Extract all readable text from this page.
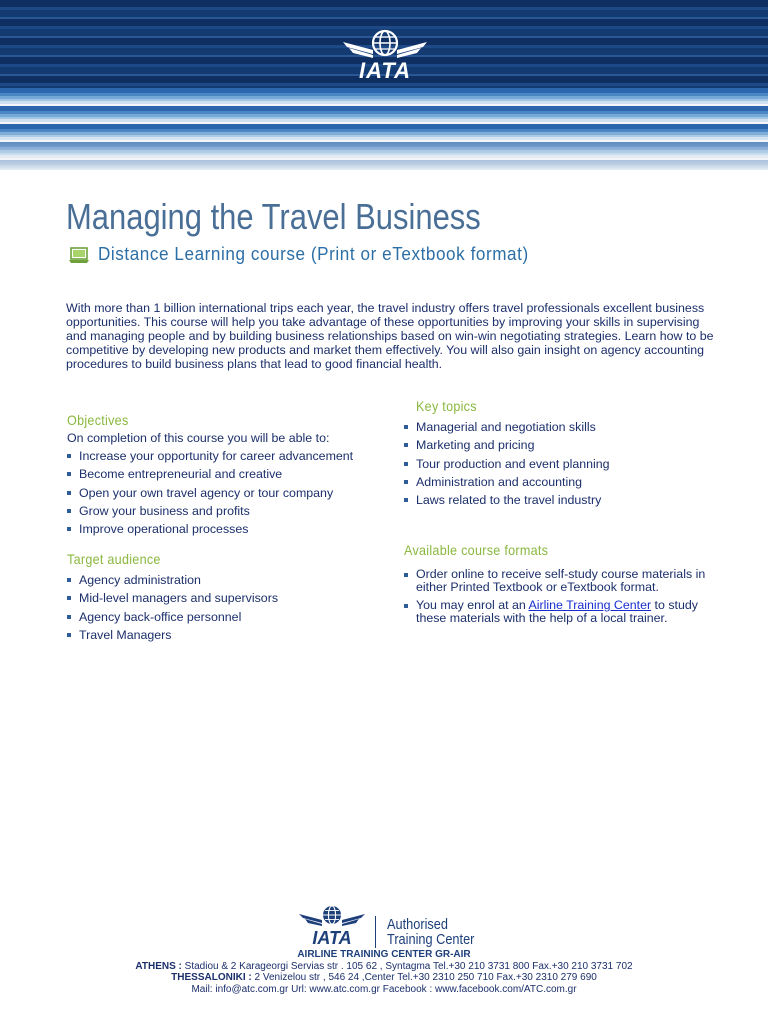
IATA
Managing the Travel Business
Distance Learning course (Print or eTextbook format)

With more than 1 billion international trips each year, the travel industry offers travel professionals excellent business opportunities. This course will help you take advantage of these opportunities by improving your skills in supervising and managing people and by building business relationships based on win-win negotiating strategies. Learn how to be competitive by developing new products and market them effectively. You will also gain insight on agency accounting procedures to build business plans that lead to good financial health.

Objectives

On completion of this course you will be able to:

Increase your opportunity for career advancement
Become entrepreneurial and creative
Open your own travel agency or tour company
Grow your business and profits
Improve operational processes
Target audience
Agency administration
Mid-level managers and supervisors
Agency back-office personnel
Travel Managers
Key topics
Managerial and negotiation skills
Marketing and pricing
Tour production and event planning
Administration and accounting
Laws related to the travel industry
Available course formats
Order online to receive self-study course materials in either Printed Textbook or eTextbook format.
You may enrol at an Airline Training Center to study these materials with the help of a local trainer.
IATA
Authorised
Training Center
AIRLINE TRAINING CENTER GR-AIR
ATHENS : Stadiou & 2 Karageorgi Servias str . 105 62 , Syntagma Tel.+30 210 3731 800 Fax.+30 210 3731 702
THESSALONIKI : 2 Venizelou str , 546 24 ,Center Tel.+30 2310 250 710 Fax.+30 2310 279 690
Mail: info@atc.com.gr Url: www.atc.com.gr Facebook : www.facebook.com/ATC.com.gr
